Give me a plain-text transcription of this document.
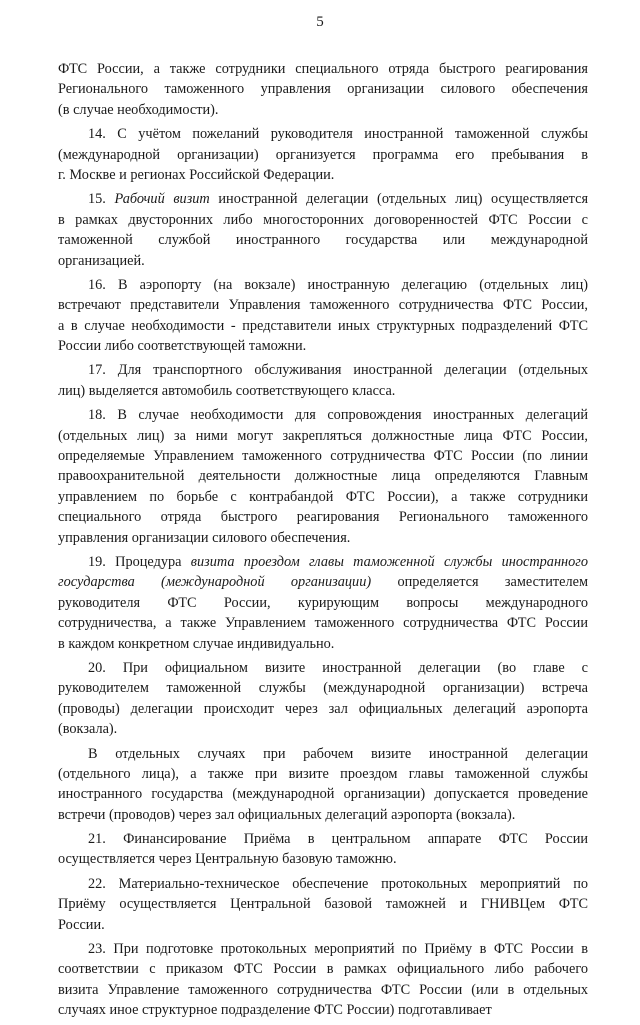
5
ФТС России, а также сотрудники специального отряда быстрого реагирования
Регионального таможенного управления организации силового обеспечения
(в случае необходимости).
14. С учётом пожеланий руководителя иностранной таможенной службы
(международной организации) организуется программа его пребывания в
г. Москве и регионах Российской Федерации.
15. Рабочий визит иностранной делегации (отдельных лиц) осуществляется
в рамках двусторонних либо многосторонних договоренностей ФТС России с
таможенной службой иностранного государства или международной
организацией.
16. В аэропорту (на вокзале) иностранную делегацию (отдельных лиц)
встречают представители Управления таможенного сотрудничества ФТС России,
а в случае необходимости - представители иных структурных подразделений ФТС
России либо соответствующей таможни.
17. Для транспортного обслуживания иностранной делегации (отдельных
лиц) выделяется автомобиль соответствующего класса.
18. В случае необходимости для сопровождения иностранных делегаций
(отдельных лиц) за ними могут закрепляться должностные лица ФТС России,
определяемые Управлением таможенного сотрудничества ФТС России (по линии
правоохранительной деятельности должностные лица определяются Главным
управлением по борьбе с контрабандой ФТС России), а также сотрудники
специального отряда быстрого реагирования Регионального таможенного
управления организации силового обеспечения.
19. Процедура визита проездом главы таможенной службы иностранного
государства (международной организации) определяется заместителем
руководителя ФТС России, курирующим вопросы международного
сотрудничества, а также Управлением таможенного сотрудничества ФТС России
в каждом конкретном случае индивидуально.
20. При официальном визите иностранной делегации (во главе с
руководителем таможенной службы (международной организации) встреча
(проводы) делегации происходит через зал официальных делегаций аэропорта
(вокзала).
В отдельных случаях при рабочем визите иностранной делегации
(отдельного лица), а также при визите проездом главы таможенной службы
иностранного государства (международной организации) допускается проведение
встречи (проводов) через зал официальных делегаций аэропорта (вокзала).
21. Финансирование Приёма в центральном аппарате ФТС России
осуществляется через Центральную базовую таможню.
22. Материально-техническое обеспечение протокольных мероприятий по
Приёму осуществляется Центральной базовой таможней и ГНИВЦем ФТС
России.
23. При подготовке протокольных мероприятий по Приёму в ФТС России в
соответствии с приказом ФТС России в рамках официального либо рабочего
визита Управление таможенного сотрудничества ФТС России (или в отдельных
случаях иное структурное подразделение ФТС России) подготавливает
